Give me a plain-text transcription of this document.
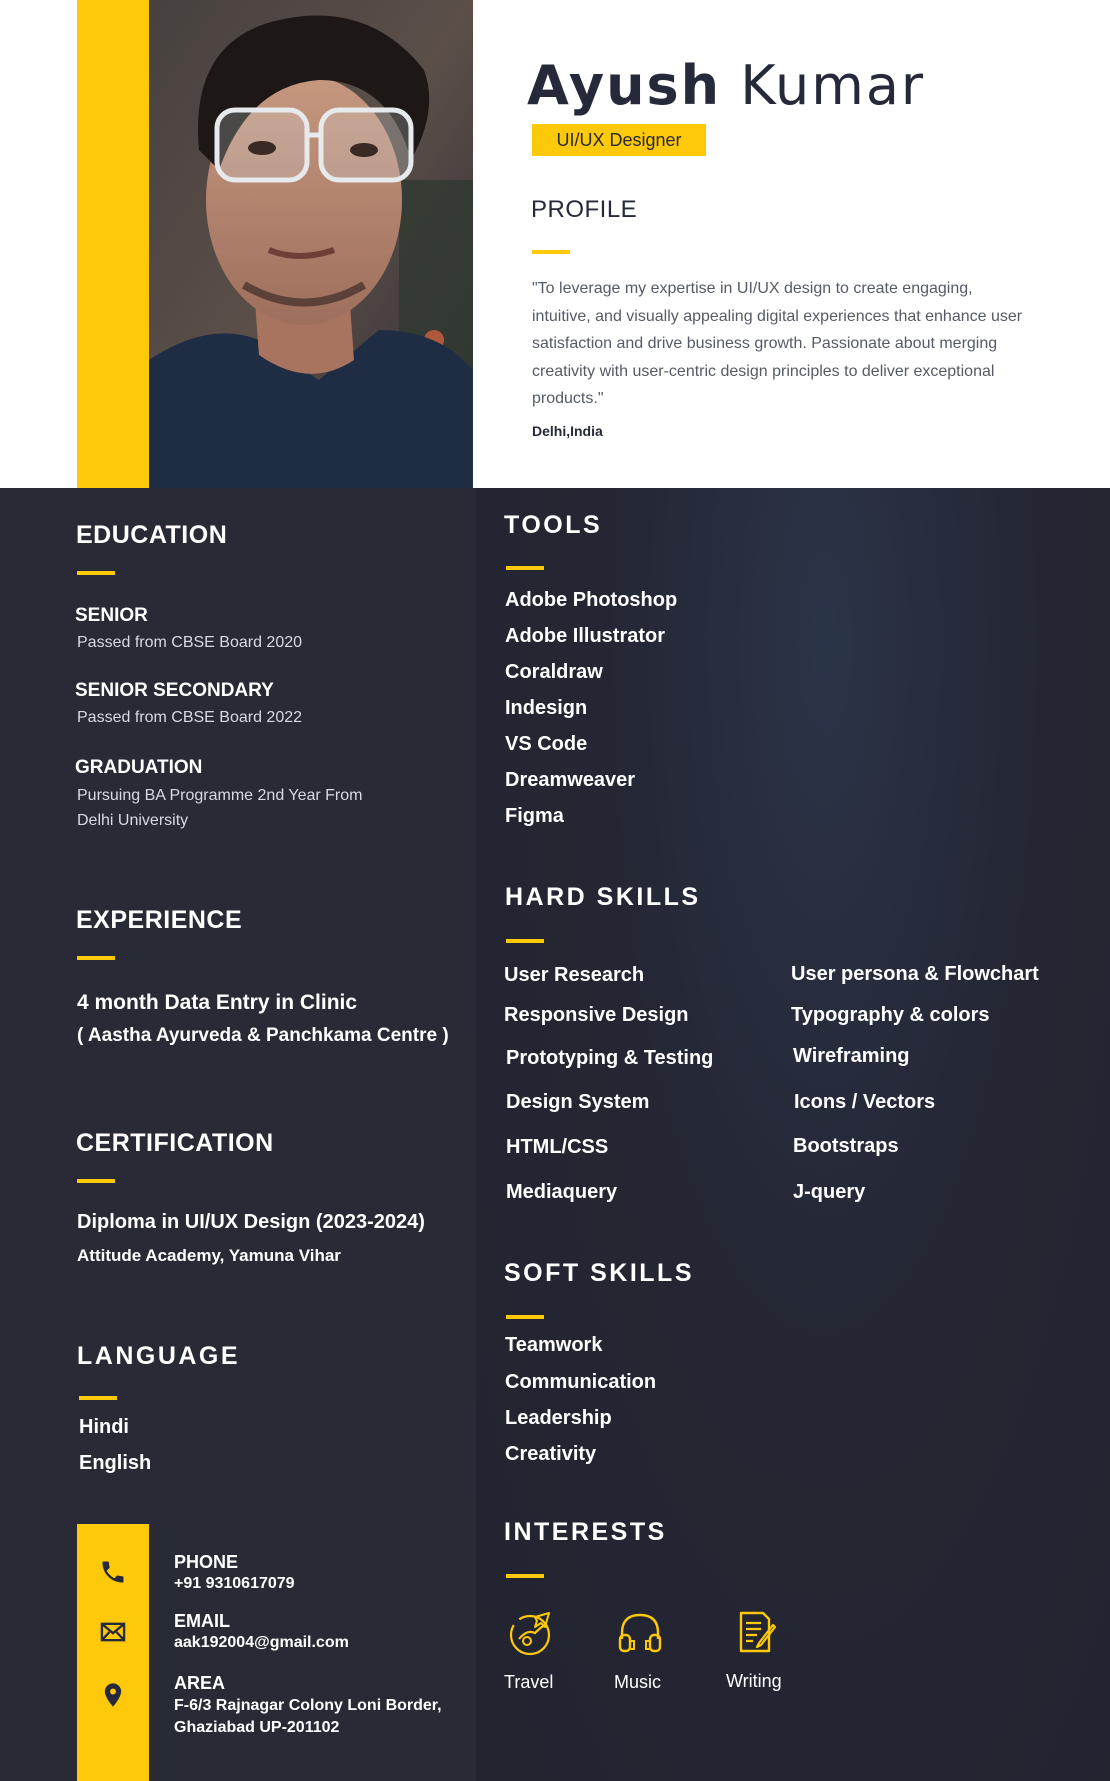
Ayush Kumar
UI/UX Designer
PROFILE
"To leverage my expertise in UI/UX design to create engaging, intuitive, and visually appealing digital experiences that enhance user satisfaction and drive business growth. Passionate about merging creativity with user-centric design principles to deliver exceptional products."
Delhi,India
EDUCATION
SENIOR
Passed from CBSE Board 2020
SENIOR SECONDARY
Passed from CBSE Board 2022
GRADUATION
Pursuing BA Programme 2nd Year From Delhi University
EXPERIENCE
4 month Data Entry in Clinic
( Aastha Ayurveda & Panchkama Centre )
CERTIFICATION
Diploma in UI/UX Design (2023-2024)
Attitude Academy, Yamuna Vihar
LANGUAGE
Hindi
English
PHONE
+91 9310617079
EMAIL
aak192004@gmail.com
AREA
F-6/3 Rajnagar Colony Loni Border,
Ghaziabad UP-201102
TOOLS
Adobe Photoshop
Adobe Illustrator
Coraldraw
Indesign
VS Code
Dreamweaver
Figma
HARD SKILLS
User Research
Responsive Design
Prototyping & Testing
Design System
HTML/CSS
Mediaquery
User persona & Flowchart
Typography & colors
Wireframing
Icons / Vectors
Bootstraps
J-query
SOFT SKILLS
Teamwork
Communication
Leadership
Creativity
INTERESTS
Travel	Music	Writing
